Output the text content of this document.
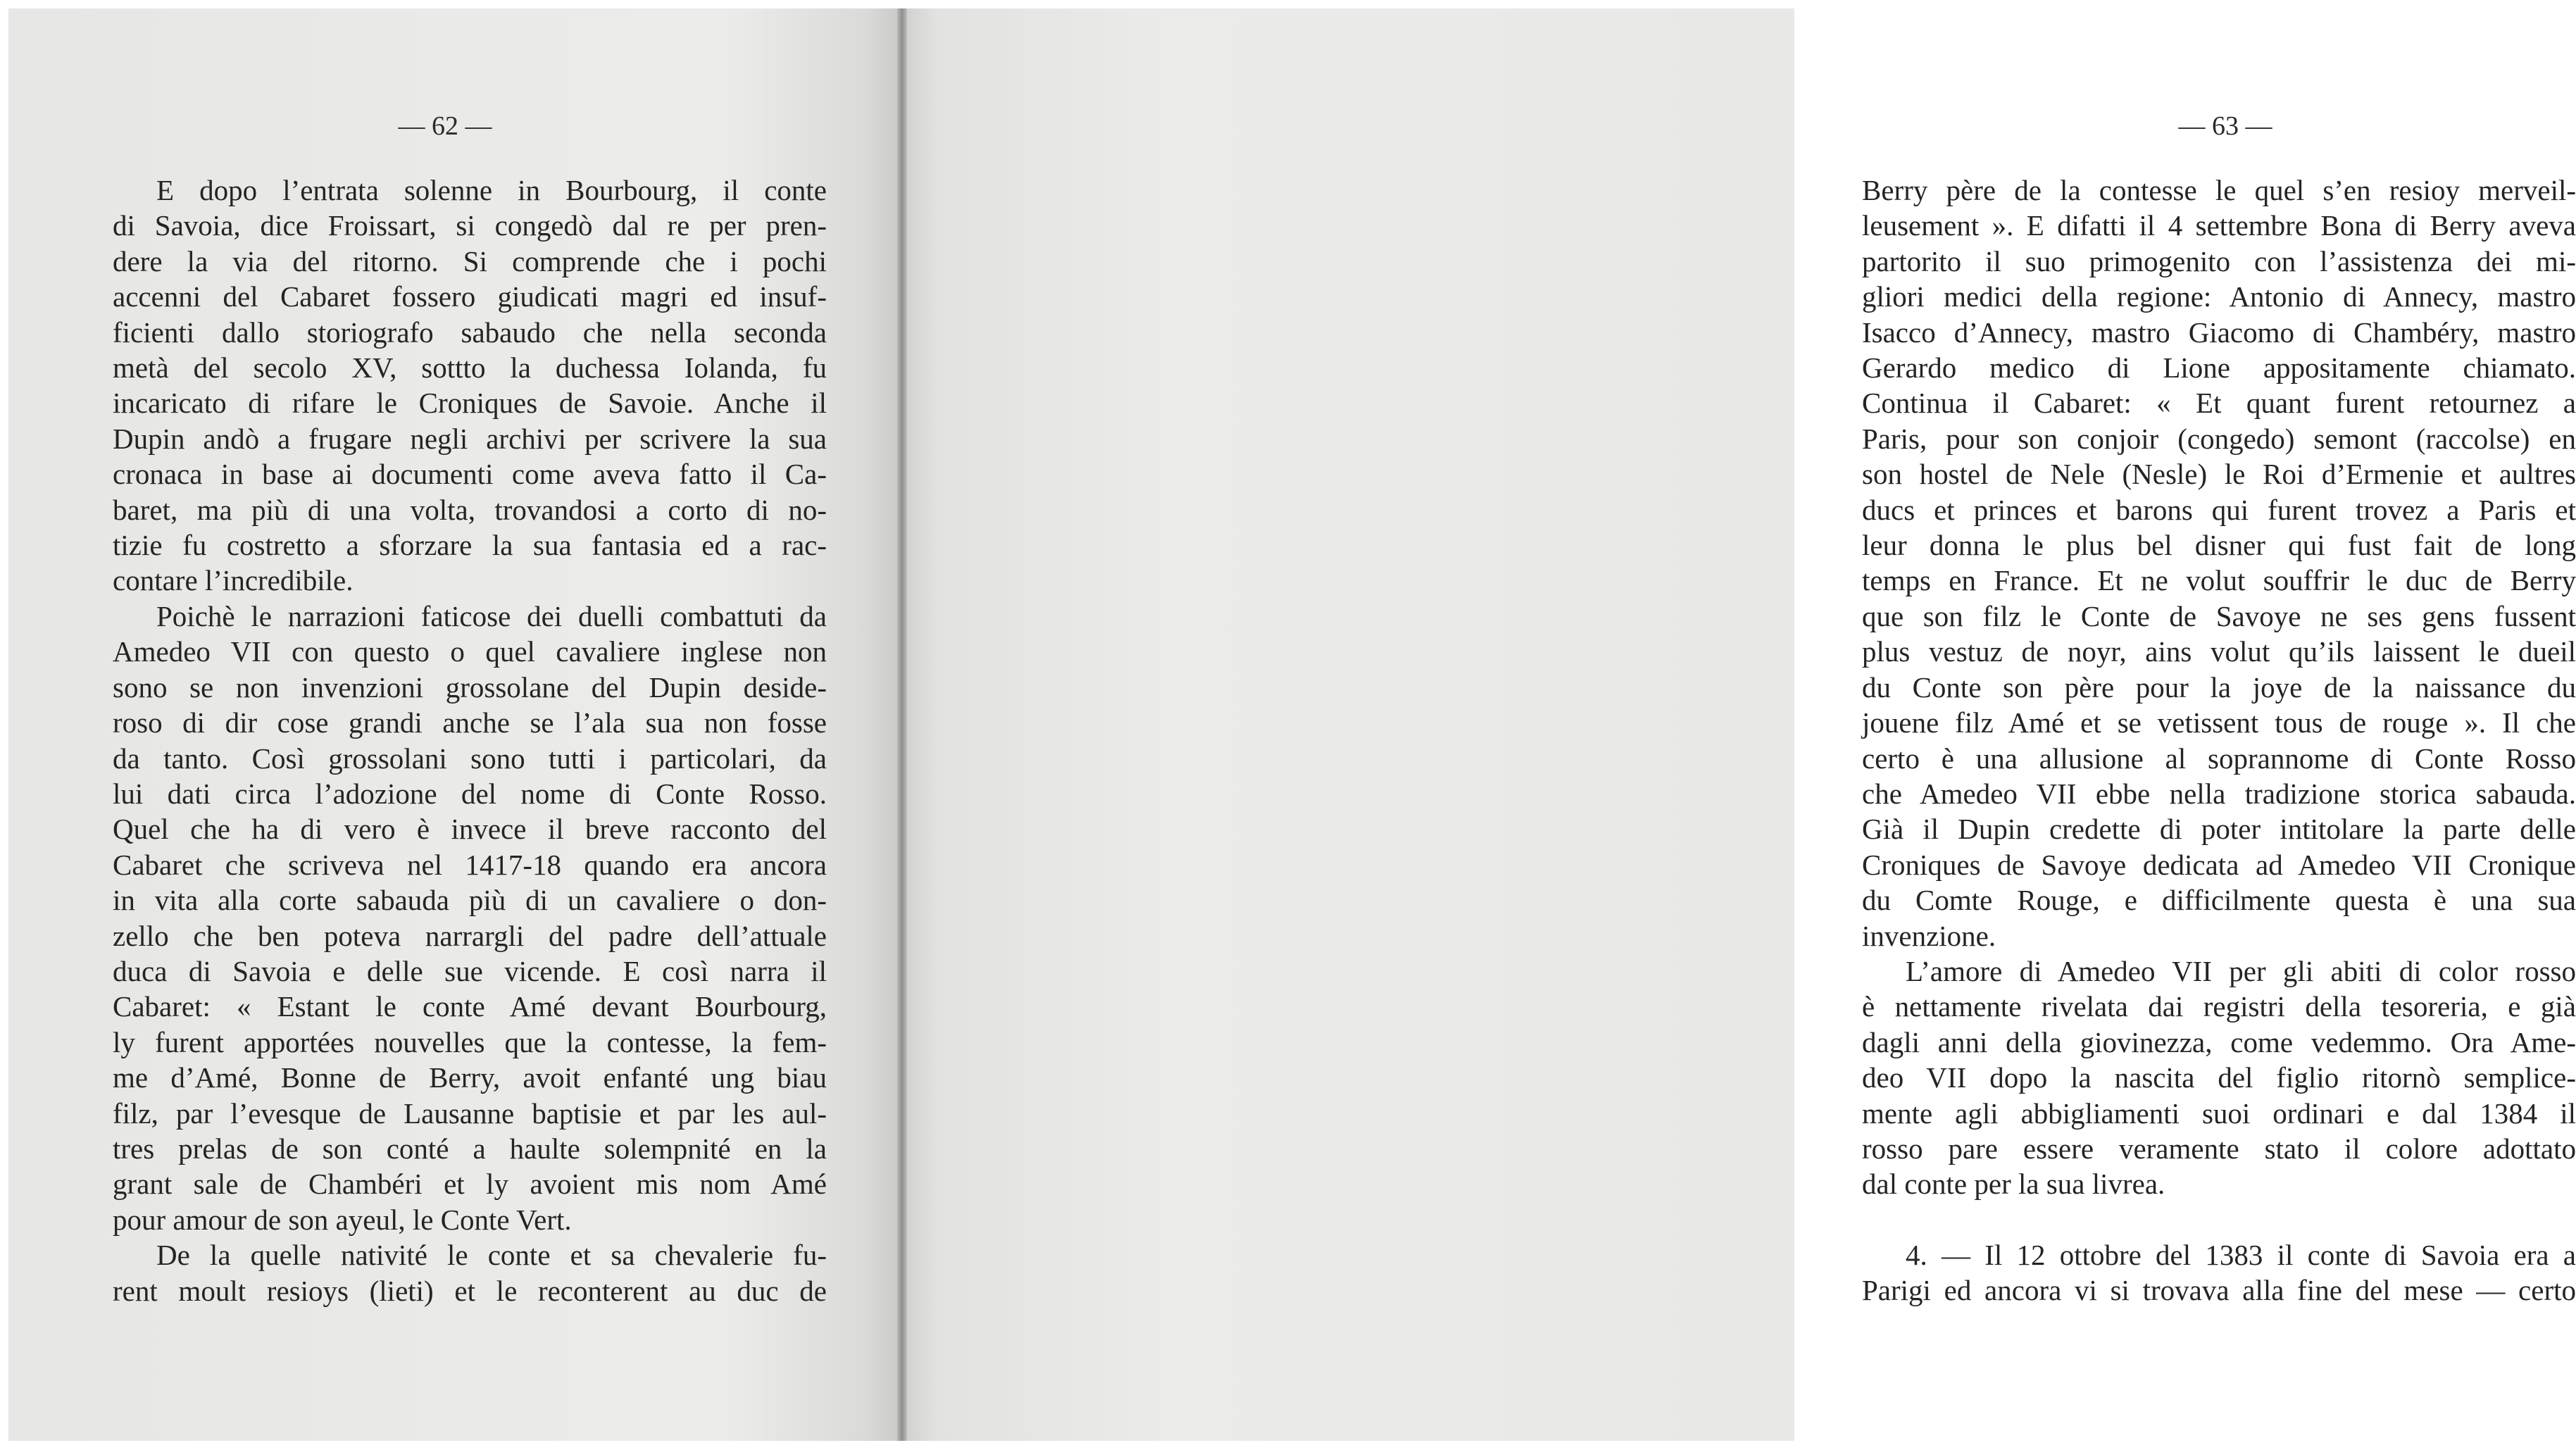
— 62 —
E dopo l’entrata solenne in Bourbourg, il conte
di Savoia, dice Froissart, si congedò dal re per pren-
dere la via del ritorno. Si comprende che i pochi
accenni del Cabaret fossero giudicati magri ed insuf-
ficienti dallo storiografo sabaudo che nella seconda
metà del secolo XV, sottto la duchessa Iolanda, fu
incaricato di rifare le Croniques de Savoie. Anche il
Dupin andò a frugare negli archivi per scrivere la sua
cronaca in base ai documenti come aveva fatto il Ca-
baret, ma più di una volta, trovandosi a corto di no-
tizie fu costretto a sforzare la sua fantasia ed a rac-
contare l’incredibile.
Poichè le narrazioni faticose dei duelli combattuti da
Amedeo VII con questo o quel cavaliere inglese non
sono se non invenzioni grossolane del Dupin deside-
roso di dir cose grandi anche se l’ala sua non fosse
da tanto. Così grossolani sono tutti i particolari, da
lui dati circa l’adozione del nome di Conte Rosso.
Quel che ha di vero è invece il breve racconto del
Cabaret che scriveva nel 1417-18 quando era ancora
in vita alla corte sabauda più di un cavaliere o don-
zello che ben poteva narrargli del padre dell’attuale
duca di Savoia e delle sue vicende. E così narra il
Cabaret: « Estant le conte Amé devant Bourbourg,
ly furent apportées nouvelles que la contesse, la fem-
me d’Amé, Bonne de Berry, avoit enfanté ung biau
filz, par l’evesque de Lausanne baptisie et par les aul-
tres prelas de son conté a haulte solempnité en la
grant sale de Chambéri et ly avoient mis nom Amé
pour amour de son ayeul, le Conte Vert.
De la quelle nativité le conte et sa chevalerie fu-
rent moult resioys (lieti) et le reconterent au duc de
— 63 —
Berry père de la contesse le quel s’en resioy merveil-
leusement ». E difatti il 4 settembre Bona di Berry aveva
partorito il suo primogenito con l’assistenza dei mi-
gliori medici della regione: Antonio di Annecy, mastro
Isacco d’Annecy, mastro Giacomo di Chambéry, mastro
Gerardo medico di Lione appositamente chiamato.
Continua il Cabaret: « Et quant furent retournez a
Paris, pour son conjoir (congedo) semont (raccolse) en
son hostel de Nele (Nesle) le Roi d’Ermenie et aultres
ducs et princes et barons qui furent trovez a Paris et
leur donna le plus bel disner qui fust fait de long
temps en France. Et ne volut souffrir le duc de Berry
que son filz le Conte de Savoye ne ses gens fussent
plus vestuz de noyr, ains volut qu’ils laissent le dueil
du Conte son père pour la joye de la naissance du
jouene filz Amé et se vetissent tous de rouge ». Il che
certo è una allusione al soprannome di Conte Rosso
che Amedeo VII ebbe nella tradizione storica sabauda.
Già il Dupin credette di poter intitolare la parte delle
Croniques de Savoye dedicata ad Amedeo VII Cronique
du Comte Rouge, e difficilmente questa è una sua
invenzione.
L’amore di Amedeo VII per gli abiti di color rosso
è nettamente rivelata dai registri della tesoreria, e già
dagli anni della giovinezza, come vedemmo. Ora Ame-
deo VII dopo la nascita del figlio ritornò semplice-
mente agli abbigliamenti suoi ordinari e dal 1384 il
rosso pare essere veramente stato il colore adottato
dal conte per la sua livrea.
4. — Il 12 ottobre del 1383 il conte di Savoia era a
Parigi ed ancora vi si trovava alla fine del mese — certo
